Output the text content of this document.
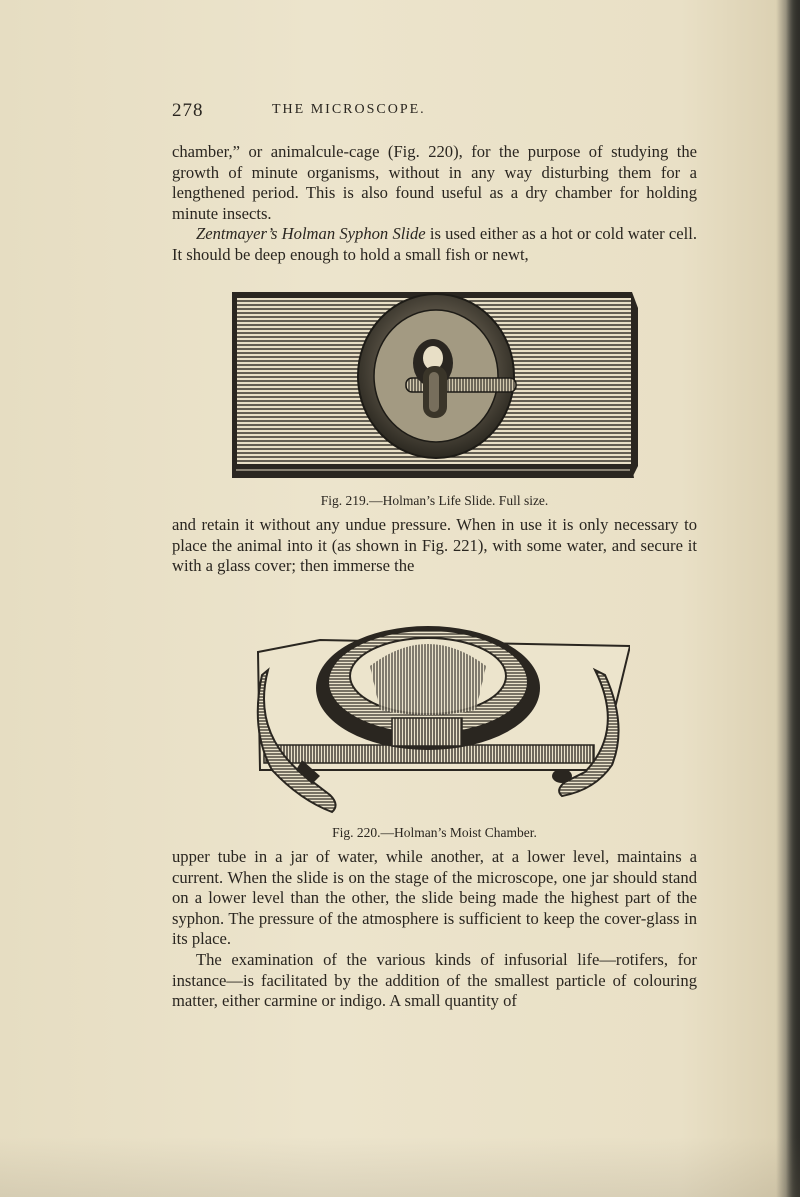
278	THE MICROSCOPE.

chamber,” or animalcule-cage (Fig. 220), for the purpose of studying the growth of minute organisms, without in any way disturbing them for a lengthened period. This is also found useful as a dry chamber for holding minute insects.

Zentmayer’s Holman Syphon Slide is used either as a hot or cold water cell. It should be deep enough to hold a small fish or newt,

Fig. 219.—Holman’s Life Slide. Full size.
and retain it without any undue pressure. When in use it is only necessary to place the animal into it (as shown in Fig. 221), with some water, and secure it with a glass cover; then immerse the
Fig. 220.—Holman’s Moist Chamber.

upper tube in a jar of water, while another, at a lower level, maintains a current. When the slide is on the stage of the microscope, one jar should stand on a lower level than the other, the slide being made the highest part of the syphon. The pressure of the atmosphere is sufficient to keep the cover-glass in its place.

The examination of the various kinds of infusorial life—rotifers, for instance—is facilitated by the addition of the smallest particle of colouring matter, either carmine or indigo. A small quantity of
